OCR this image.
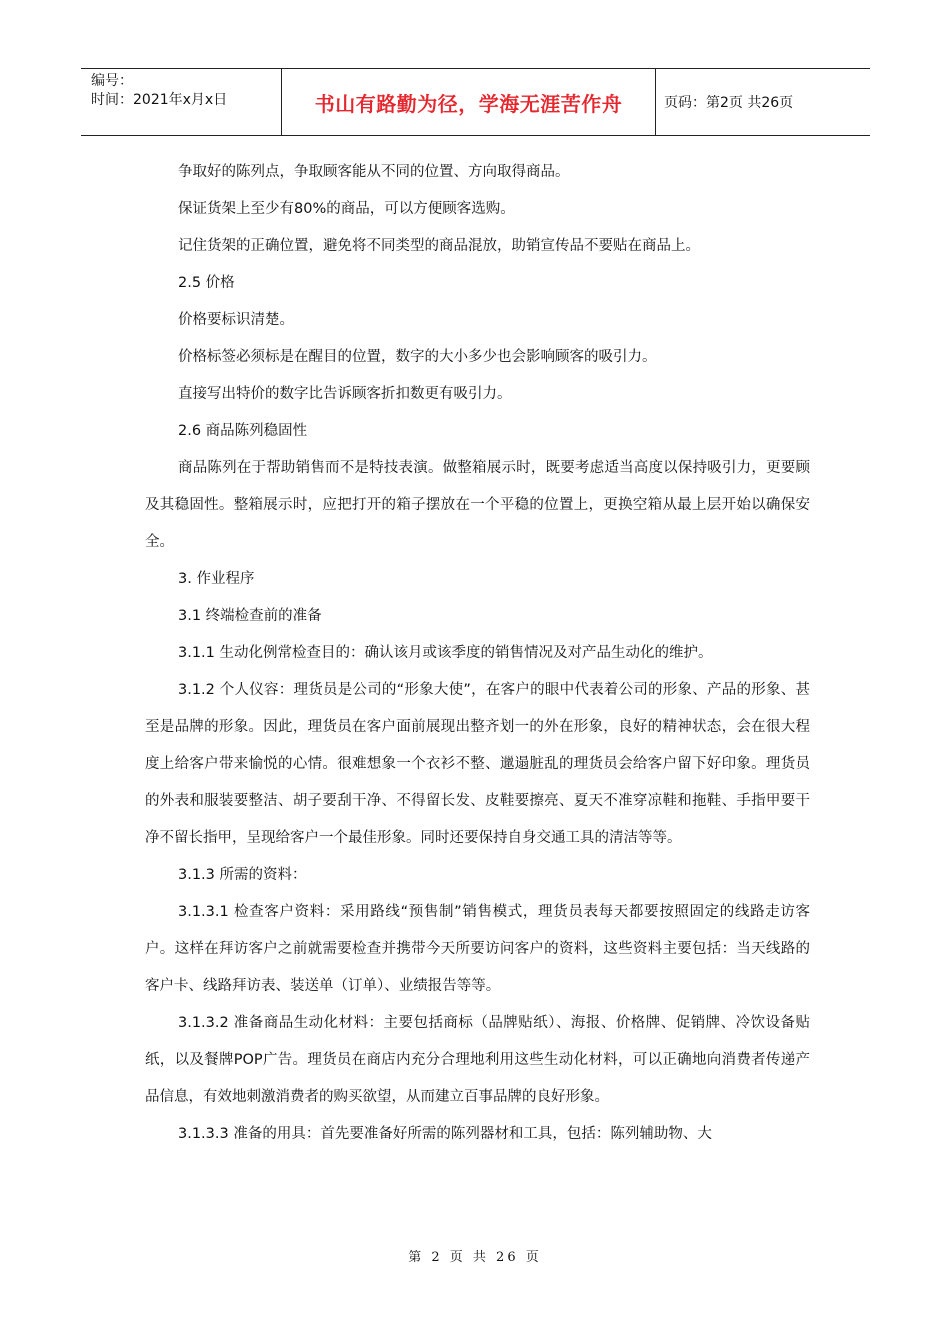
编号：
时间：2021年x月x日	书山有路勤为径，学海无涯苦作舟	页码：第2页 共26页

争取好的陈列点，争取顾客能从不同的位置、方向取得商品。

保证货架上至少有80%的商品，可以方便顾客选购。

记住货架的正确位置，避免将不同类型的商品混放，助销宣传品不要贴在商品上。

2.5 价格

价格要标识清楚。

价格标签必须标是在醒目的位置，数字的大小多少也会影响顾客的吸引力。

直接写出特价的数字比告诉顾客折扣数更有吸引力。

2.6 商品陈列稳固性

商品陈列在于帮助销售而不是特技表演。做整箱展示时，既要考虑适当高度以保持吸引力，更要顾及其稳固性。整箱展示时，应把打开的箱子摆放在一个平稳的位置上，更换空箱从最上层开始以确保安全。

3. 作业程序

3.1 终端检查前的准备

3.1.1 生动化例常检查目的：确认该月或该季度的销售情况及对产品生动化的维护。

3.1.2 个人仪容：理货员是公司的“形象大使”，在客户的眼中代表着公司的形象、产品的形象、甚至是品牌的形象。因此，理货员在客户面前展现出整齐划一的外在形象，良好的精神状态，会在很大程度上给客户带来愉悦的心情。很难想象一个衣衫不整、邋遢脏乱的理货员会给客户留下好印象。理货员的外表和服装要整洁、胡子要刮干净、不得留长发、皮鞋要擦亮、夏天不准穿凉鞋和拖鞋、手指甲要干净不留长指甲，呈现给客户一个最佳形象。同时还要保持自身交通工具的清洁等等。

3.1.3 所需的资料：

3.1.3.1 检查客户资料：采用路线“预售制”销售模式，理货员表每天都要按照固定的线路走访客户。这样在拜访客户之前就需要检查并携带今天所要访问客户的资料，这些资料主要包括：当天线路的客户卡、线路拜访表、装送单（订单）、业绩报告等等。

3.1.3.2 准备商品生动化材料：主要包括商标（品牌贴纸）、海报、价格牌、促销牌、冷饮设备贴纸，以及餐牌POP广告。理货员在商店内充分合理地利用这些生动化材料，可以正确地向消费者传递产品信息，有效地刺激消费者的购买欲望，从而建立百事品牌的良好形象。

3.1.3.3 准备的用具：首先要准备好所需的陈列器材和工具，包括：陈列辅助物、大

第 2 页 共 26 页
